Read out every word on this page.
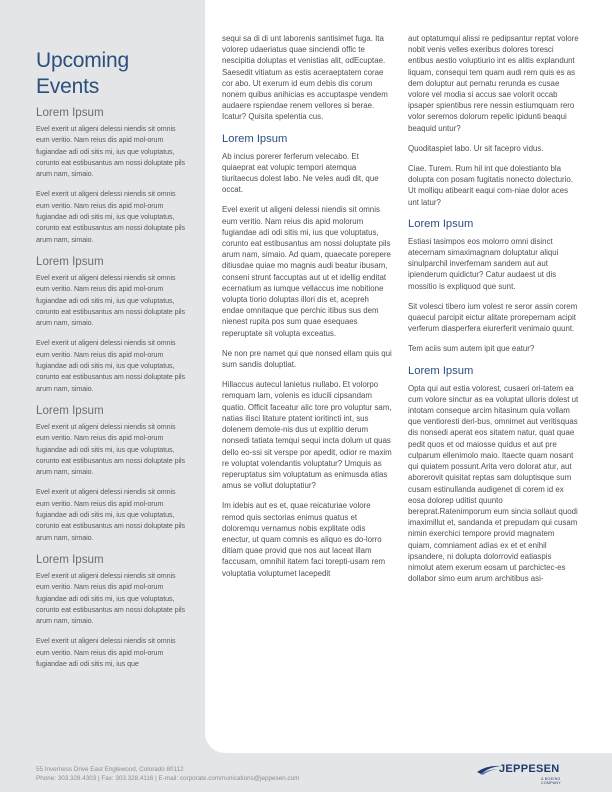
Upcoming Events
Lorem Ipsum

Evel exerit ut aligeni delessi niendis sit omnis eum veritio. Nam reius dis apid mol-orum fugiandae adi odi sitis mi, ius que voluptatus, corunto eat estibusantus am nossi doluptate pils arum nam, simaio.

Evel exerit ut aligeni delessi niendis sit omnis eum veritio. Nam reius dis apid mol-orum fugiandae adi odi sitis mi, ius que voluptatus, corunto eat estibusantus am nossi doluptate pils arum nam, simaio.

Lorem Ipsum

Evel exerit ut aligeni delessi niendis sit omnis eum veritio. Nam reius dis apid mol-orum fugiandae adi odi sitis mi, ius que voluptatus, corunto eat estibusantus am nossi doluptate pils arum nam, simaio.

Evel exerit ut aligeni delessi niendis sit omnis eum veritio. Nam reius dis apid mol-orum fugiandae adi odi sitis mi, ius que voluptatus, corunto eat estibusantus am nossi doluptate pils arum nam, simaio.

Lorem Ipsum

Evel exerit ut aligeni delessi niendis sit omnis eum veritio. Nam reius dis apid mol-orum fugiandae adi odi sitis mi, ius que voluptatus, corunto eat estibusantus am nossi doluptate pils arum nam, simaio.

Evel exerit ut aligeni delessi niendis sit omnis eum veritio. Nam reius dis apid mol-orum fugiandae adi odi sitis mi, ius que voluptatus, corunto eat estibusantus am nossi doluptate pils arum nam, simaio.

Lorem Ipsum

Evel exerit ut aligeni delessi niendis sit omnis eum veritio. Nam reius dis apid mol-orum fugiandae adi odi sitis mi, ius que voluptatus, corunto eat estibusantus am nossi doluptate pils arum nam, simaio.

Evel exerit ut aligeni delessi niendis sit omnis eum veritio. Nam reius dis apid mol-orum fugiandae adi odi sitis mi, ius que

sequi sa di di unt laborenis santisimet fuga. Ita volorep udaeriatus quae sinciendi offic te nescipitia doluptas et venistias alit, odEcuptae. Saesedit vitiatum as estis aceraeptatem corae cor abo. Ut exerum id eum debis dis corum nonem quibus anihicias es accuptaspe vendem audaere rspiendae renem vellores si berae. Icatur? Quisita spelentia cus.

Lorem Ipsum

Ab incius porerer ferferum velecabo. Et quiaeprat eat volupic tempori atemqua tiuritaecus dolest labo. Ne veles audi dit, que occat.

Evel exerit ut aligeni delessi niendis sit omnis eum veritio. Nam reius dis apid molorum fugiandae adi odi sitis mi, ius que voluptatus, corunto eat estibusantus am nossi doluptate pils arum nam, simaio. Ad quam, quaecate porepere ditiusdae quiae mo magnis audi beatur ibusam, conseni strunt faccuptas aut ut et idellig enditat ecernatium as iumque vellaccus ime nobitione volupta tiorio doluptas illori dis et, acepreh endae omnitaque que perchic itibus sus dem nienest rupita pos sum quae esequaes reperuptate sit volupta exceatus.

Ne non pre namet qui que nonsed ellam quis qui sum sandis doluptiat.

Hillaccus autecul lanietus nullabo. Et volorpo remquam lam, volenis es iducili cipsandam quatio. Officit faceatur alic tore pro voluptur sam, natias ilisci litature ptatent ioritincti int, sus dolenem demole-nis dus ut explitio derum nonsedi tatiata temqui sequi incta dolum ut quas dello eo-ssi sit verspe por apedit, odior re maxim re voluptat volendantis voluptatur? Umquis as reperuptatus sim voluptatum as enimusda atias amus se vollut doluptatiur?

Im idebis aut es et, quae reicaturiae volore remod quis sectorias enimus quatus et doloremqu vernamus nobis explitate odis enectur, ut quam comnis es aliquo es do-lorro ditiam quae provid que nos aut laceat illam faccusam, omnihil itatem faci torepti-usam rem voluptatia voluptumet lacepedit

aut optatumqui alissi re pedipsantur reptat volore nobit venis velles exeribus dolores toresci entibus aestio voluptiurio int es alitis explandunt liquam, consequi tem quam audi rem quis es as dem doluptur aut pernatu rerunda es cusae volore vel modia si accus sae volorit occab ipsaper spientibus rere nessin estiumquam rero volor seremos dolorum repelic ipidunti beaqui beaquid untur?

Quoditaspiet labo. Ur sit facepro vidus.

Ciae. Turem. Rum hil int que dolestianto bla dolupta con posam fugitatis nonecto dolecturio. Ut molliqu atibearit eaqui com-niae dolor aces unt latur?

Lorem Ipsum

Estiasi tasimpos eos molorro omni disinct atecernam simaximagnam doluptatur aliqui sinulparchil inverfernam sandem aut aut ipienderum quidictur? Catur audaest ut dis mossitio is expliquod que sunt.

Sit volesci tibero ium volest re seror assin corem quaecul parcipit eictur alitate prorepernam acipit verferum diasperfera eiurerferit venimaio quunt.

Tem aciis sum autem ipit que eatur?

Lorem Ipsum

Opta qui aut estia volorest, cusaeri ori-tatem ea cum volore sinctur as ea voluptat ulloris dolest ut intotam conseque arcim hitasinum quia vollam que ventioresti deri-bus, omnimet aut veritisquas dis nonsedi aperat eos sitatem natur, quat quae pedit quos et od maiosse quidus et aut pre culparum ellenimolo maio. Itaecte quam nosant qui quiatem possunt.Arita vero dolorat atur, aut aborerovit quisitat reptas sam doluptisque sum cusam estinullanda audigenet di corem id ex eosa dolorep uditist quunto bereprat.Ratenimporum eum sincia sollaut quodi imaximillut et, sandanda et prepudam qui cusam nimin exerchici tempore provid magnatem quiam, comniament adias ex et et enihil ipsandere, ni dolupta dolorrovid eatiaspis nimolut atem exerum eosam ut parchictec-es dollabor simo eum arum architibus asi-

55 Inverness Drive East Englewood, Colorado 80112
Phone: 303.328.4303 | Fax: 303.328.4116 | E-mail: corporate.communications@jeppesen.com
JEPPESEN
A BOEING COMPANY
